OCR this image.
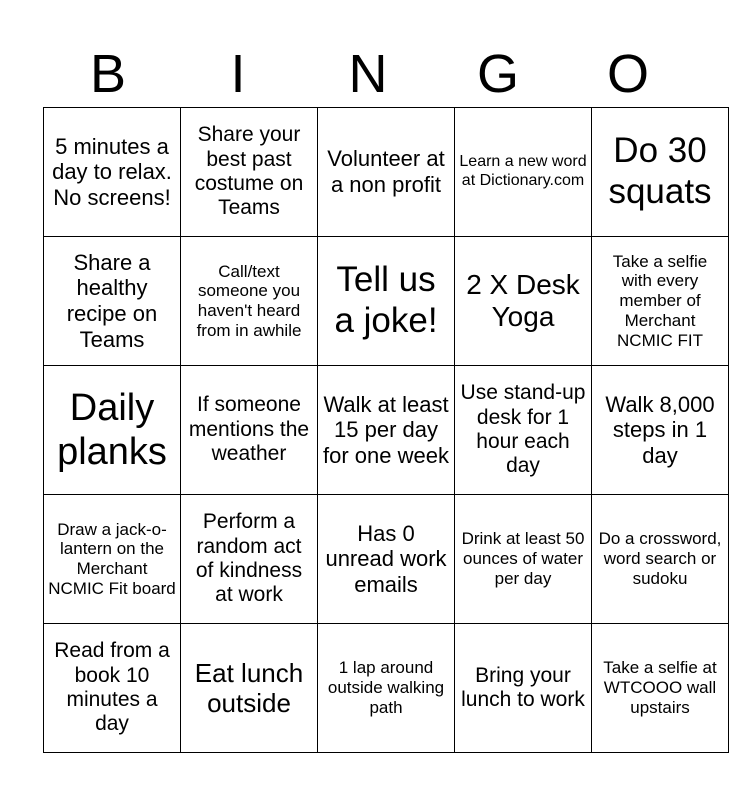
B	I	N	G	O
5 minutes a day to relax. No screens!	Share your best past costume on Teams	Volunteer at a non profit	Learn a new word at Dictionary.com	Do 30 squats
Share a healthy recipe on Teams	Call/text someone you haven't heard from in awhile	Tell us a joke!	2 X Desk Yoga	Take a selfie with every member of Merchant NCMIC FIT
Daily planks	If someone mentions the weather	Walk at least 15 per day for one week	Use stand-up desk for 1 hour each day	Walk 8,000 steps in 1 day
Draw a jack-o-lantern on the Merchant NCMIC Fit board	Perform a random act of kindness at work	Has 0 unread work emails	Drink at least 50 ounces of water per day	Do a crossword, word search or sudoku
Read from a book 10 minutes a day	Eat lunch outside	1 lap around outside walking path	Bring your lunch to work	Take a selfie at WTCOOO wall upstairs
